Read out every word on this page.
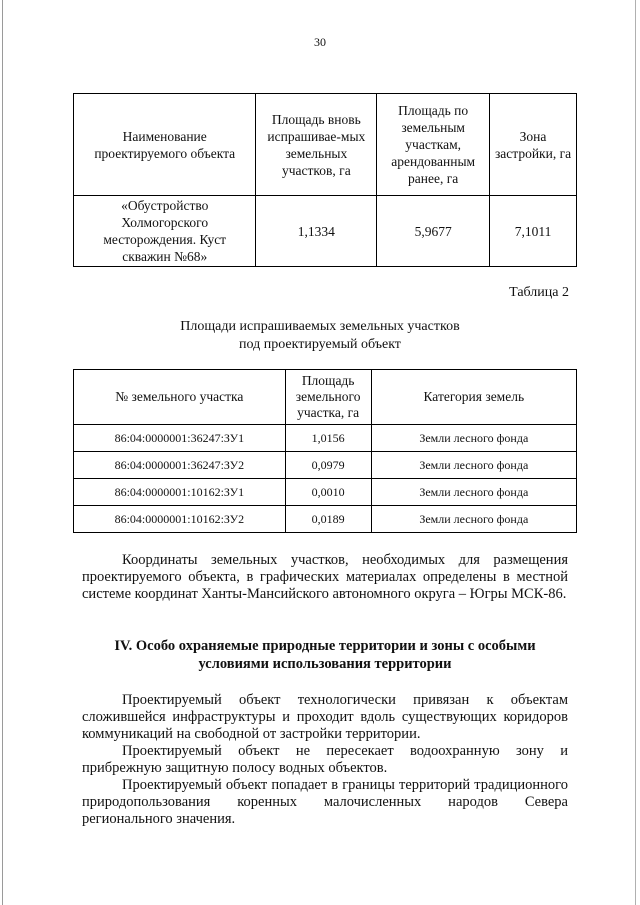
30
Наименование проектируемого объекта	Площадь вновь испрашивае-мых земельных участков, га	Площадь по земельным участкам, арендованным ранее, га	Зона застройки, га
«Обустройство Холмогорского месторождения. Куст скважин №68»	1,1334	5,9677	7,1011
Таблица 2
Площади испрашиваемых земельных участков
под проектируемый объект
№ земельного участка	Площадь земельного участка, га	Категория земель
86:04:0000001:36247:ЗУ1	1,0156	Земли лесного фонда
86:04:0000001:36247:ЗУ2	0,0979	Земли лесного фонда
86:04:0000001:10162:ЗУ1	0,0010	Земли лесного фонда
86:04:0000001:10162:ЗУ2	0,0189	Земли лесного фонда
Координаты земельных участков, необходимых для размещения проектируемого объекта, в графических материалах определены в местной системе координат Ханты-Мансийского автономного округа – Югры МСК-86.
IV. Особо охраняемые природные территории и зоны с особыми условиями использования территории
Проектируемый объект технологически привязан к объектам сложившейся инфраструктуры и проходит вдоль существующих коридоров коммуникаций на свободной от застройки территории.
Проектируемый объект не пересекает водоохранную зону и прибрежную защитную полосу водных объектов.
Проектируемый объект попадает в границы территорий традиционного природопользования коренных малочисленных народов Севера регионального значения.
